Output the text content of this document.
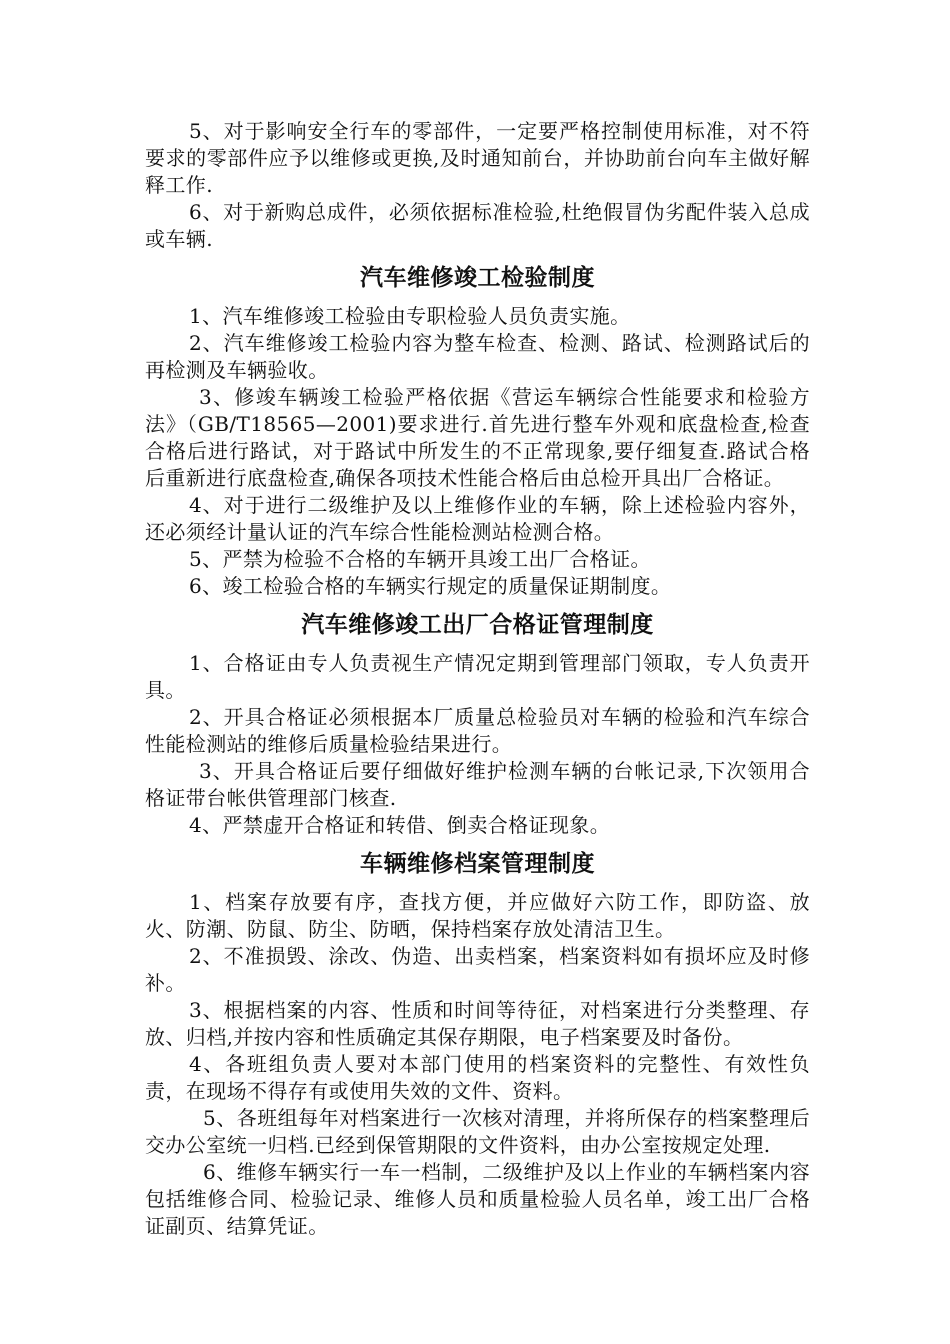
5、对于影响安全行车的零部件，一定要严格控制使用标准，对不符要求的零部件应予以维修或更换,及时通知前台，并协助前台向车主做好解释工作.

6、对于新购总成件，必须依据标准检验,杜绝假冒伪劣配件装入总成或车辆.

汽车维修竣工检验制度

1、汽车维修竣工检验由专职检验人员负责实施。

2、汽车维修竣工检验内容为整车检查、检测、路试、检测路试后的再检测及车辆验收。

3、修竣车辆竣工检验严格依据《营运车辆综合性能要求和检验方法》（GB/T18565—2001)要求进行.首先进行整车外观和底盘检查,检查合格后进行路试，对于路试中所发生的不正常现象,要仔细复查.路试合格后重新进行底盘检查,确保各项技术性能合格后由总检开具出厂合格证。

4、对于进行二级维护及以上维修作业的车辆，除上述检验内容外，还必须经计量认证的汽车综合性能检测站检测合格。

5、严禁为检验不合格的车辆开具竣工出厂合格证。

6、竣工检验合格的车辆实行规定的质量保证期制度。

汽车维修竣工出厂合格证管理制度

1、合格证由专人负责视生产情况定期到管理部门领取，专人负责开具。

2、开具合格证必须根据本厂质量总检验员对车辆的检验和汽车综合性能检测站的维修后质量检验结果进行。

3、开具合格证后要仔细做好维护检测车辆的台帐记录,下次领用合格证带台帐供管理部门核查.

4、严禁虚开合格证和转借、倒卖合格证现象。

车辆维修档案管理制度

1、档案存放要有序，查找方便，并应做好六防工作，即防盗、放火、防潮、防鼠、防尘、防晒，保持档案存放处清洁卫生。

2、不准损毁、涂改、伪造、出卖档案，档案资料如有损坏应及时修补。

3、根据档案的内容、性质和时间等待征，对档案进行分类整理、存放、归档,并按内容和性质确定其保存期限，电子档案要及时备份。

4、各班组负责人要对本部门使用的档案资料的完整性、有效性负责，在现场不得存有或使用失效的文件、资料。

5、各班组每年对档案进行一次核对清理，并将所保存的档案整理后交办公室统一归档.已经到保管期限的文件资料，由办公室按规定处理.

6、维修车辆实行一车一档制，二级维护及以上作业的车辆档案内容包括维修合同、检验记录、维修人员和质量检验人员名单，竣工出厂合格证副页、结算凭证。
